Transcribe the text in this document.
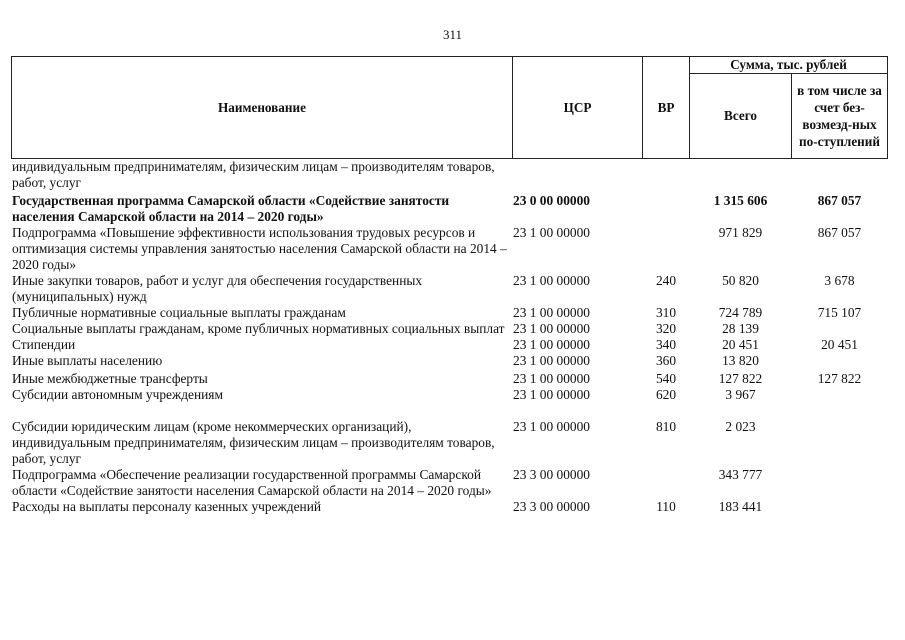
311
Наименование	ЦСР	ВР	Сумма, тыс. рублей	
			Всего	в том числе за счет без-возмезд-ных по-ступлений
индивидуальным предпринимателям, физическим лицам – производителям товаров, работ, услуг				
Государственная программа Самарской области «Содействие занятости населения Самарской области на 2014 – 2020 годы»	23 0 00 00000		1 315 606	867 057
Подпрограмма «Повышение эффективности использования трудовых ресурсов и оптимизация системы управления занятостью населения Самарской области на 2014 – 2020 годы»	23 1 00 00000		971 829	867 057
Иные закупки товаров, работ и услуг для обеспечения государственных (муниципальных) нужд	23 1 00 00000	240	50 820	3 678
Публичные нормативные социальные выплаты гражданам	23 1 00 00000	310	724 789	715 107
Социальные выплаты гражданам, кроме публичных нормативных социальных выплат	23 1 00 00000	320	28 139	
Стипендии	23 1 00 00000	340	20 451	20 451
Иные выплаты населению	23 1 00 00000	360	13 820	
Иные межбюджетные трансферты	23 1 00 00000	540	127 822	127 822
Субсидии автономным учреждениям	23 1 00 00000	620	3 967	

Субсидии юридическим лицам (кроме некоммерческих организаций), индивидуальным предпринимателям, физическим лицам – производителям товаров, работ, услуг	23 1 00 00000	810	2 023	
Подпрограмма «Обеспечение реализации государственной программы Самарской области «Содействие занятости населения Самарской области на 2014 – 2020 годы»	23 3 00 00000		343 777	
Расходы на выплаты персоналу казенных учреждений	23 3 00 00000	110	183 441	
